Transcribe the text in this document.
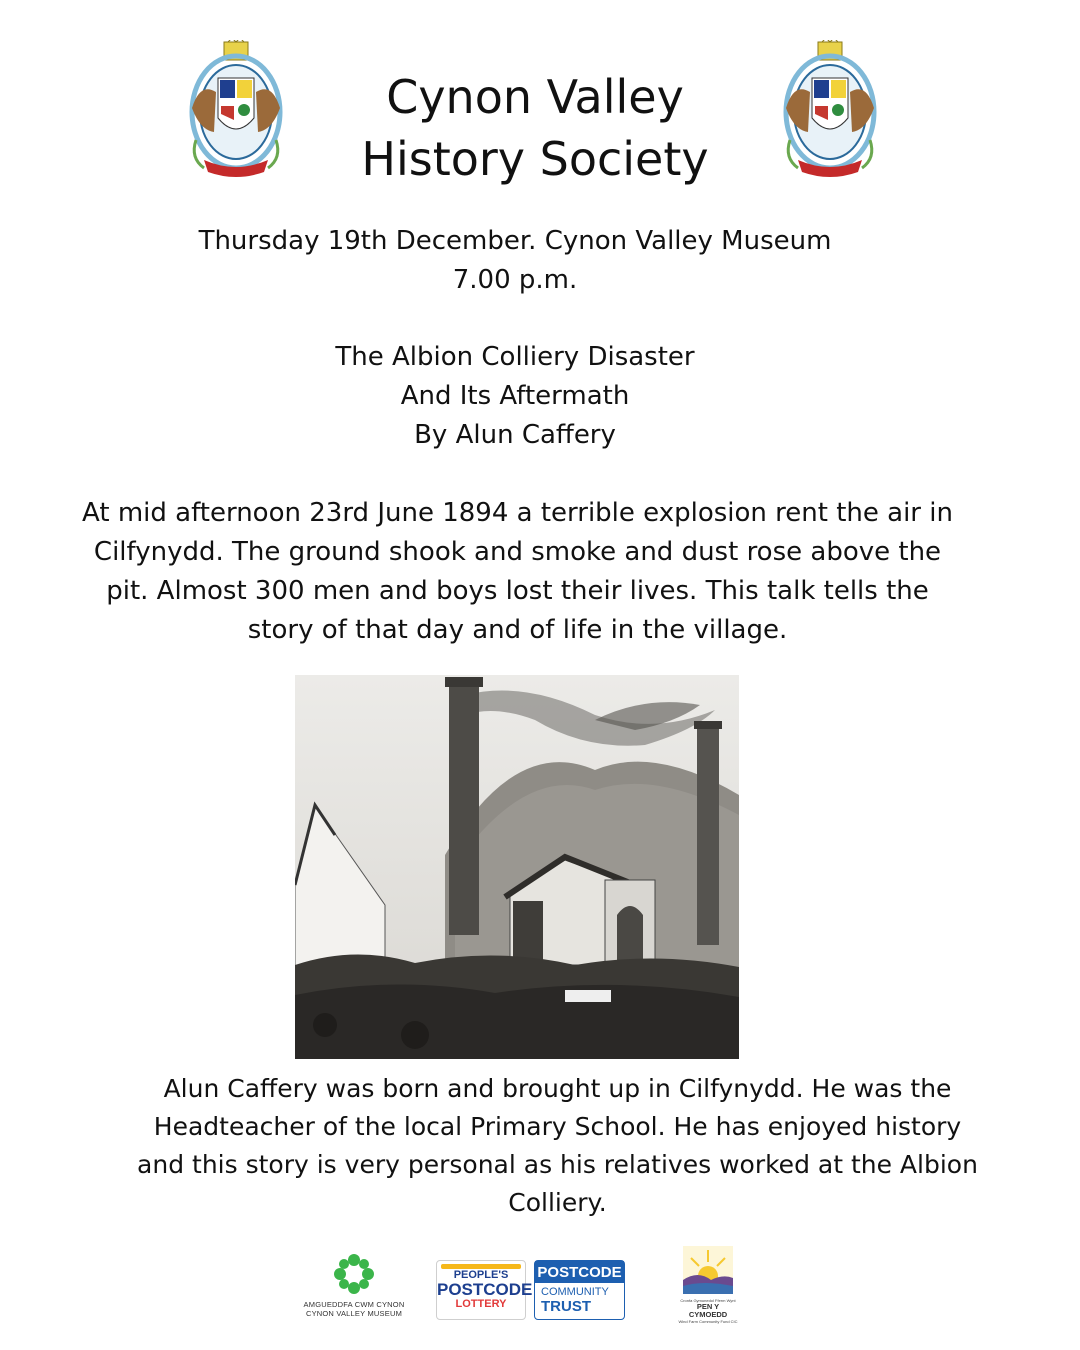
Cynon Valley
History Society
Thursday 19th December. Cynon Valley Museum
7.00 p.m.
The Albion Colliery Disaster
And Its Aftermath
By Alun Caffery
At mid afternoon 23rd June 1894 a terrible explosion rent the air in Cilfynydd. The ground shook and smoke and dust rose above the pit. Almost 300 men and boys lost their lives. This talk tells the story of that day and of life in the village.
Alun Caffery was born and brought up in Cilfynydd. He was the Headteacher of the local Primary School. He has enjoyed history and this story is very personal as his relatives worked at the Albion Colliery.
AMGUEDDFA CWM CYNON
CYNON VALLEY MUSEUM
PEOPLE'S
POSTCODE
LOTTERY
POSTCODE
COMMUNITY
TRUST	Cronfa Gymunedol Fferm Wynt
PEN Y CYMOEDD
Wind Farm Community Fund CIC
